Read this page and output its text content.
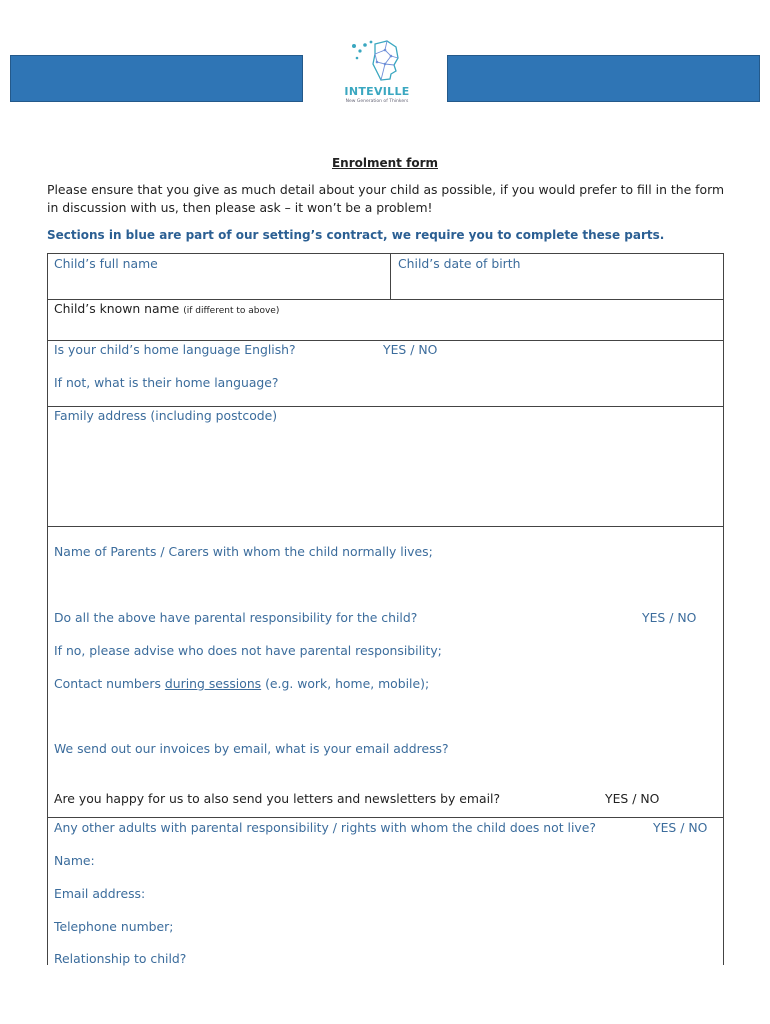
INTEVILLE
New Generation of Thinkers
Enrolment form
Please ensure that you give as much detail about your child as possible, if you would prefer to fill in the form in discussion with us, then please ask – it won’t be a problem!
Sections in blue are part of our setting’s contract, we require you to complete these parts.
Child’s full name	Child’s date of birth
Child’s known name (if different to above)
Is your child’s home language English?	YES / NO
If not, what is their home language?
Family address (including postcode)
Name of Parents / Carers with whom the child normally lives;
Do all the above have parental responsibility for the child?	YES / NO
If no, please advise who does not have parental responsibility;
Contact numbers during sessions (e.g. work, home, mobile);
We send out our invoices by email, what is your email address?
Are you happy for us to also send you letters and newsletters by email?	YES / NO
Any other adults with parental responsibility / rights with whom the child does not live?	YES / NO
Name:
Email address:
Telephone number;
Relationship to child?
